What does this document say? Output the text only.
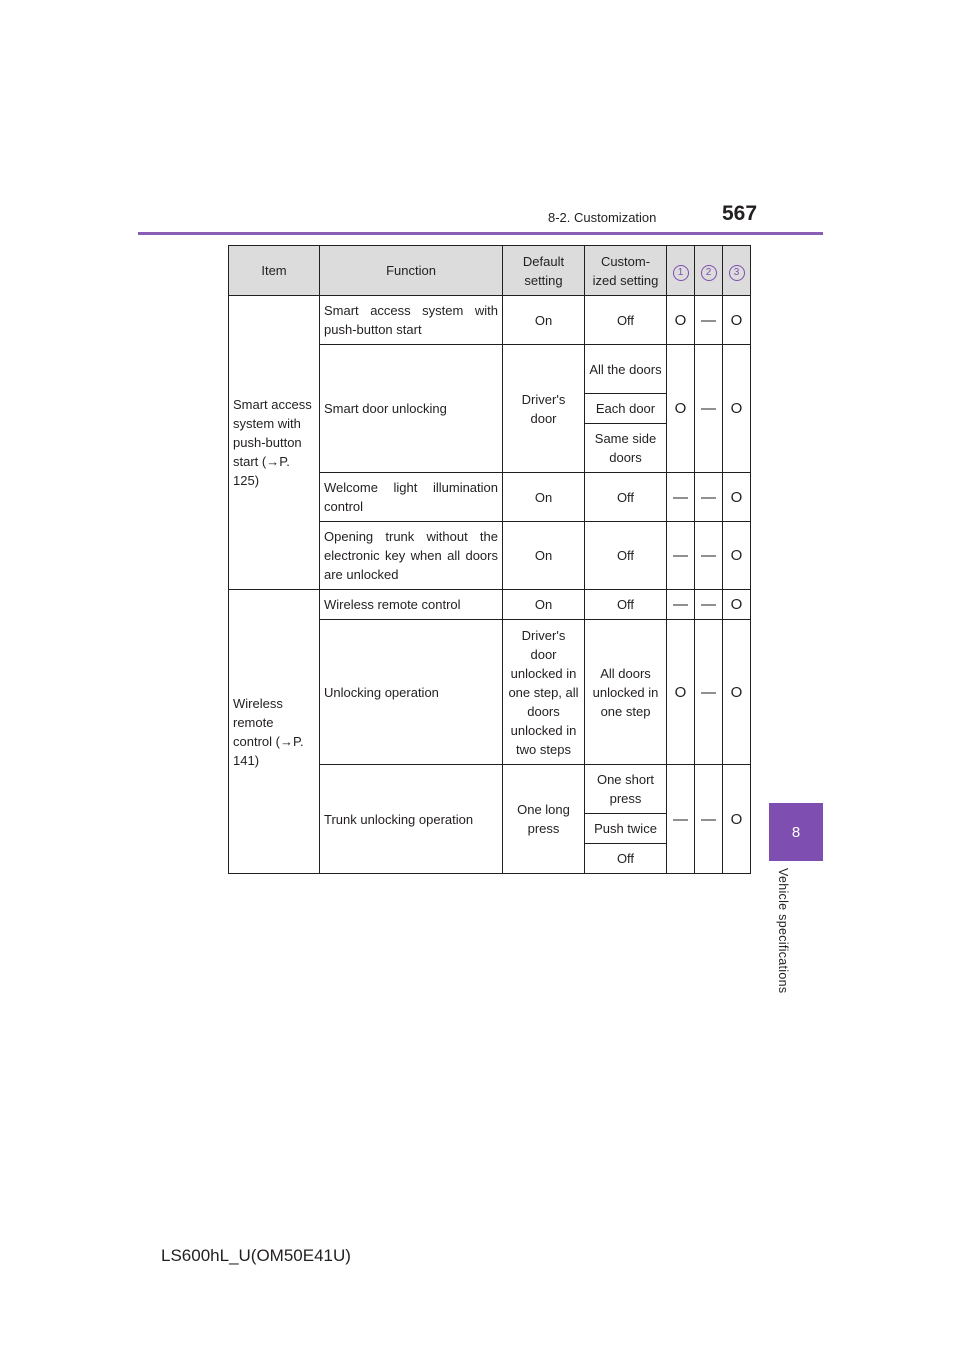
8-2. Customization	567
8
Vehicle specifications
Item	Function	Default setting	Custom- ized setting	1	2	3
Smart access system with push-button start (→P. 125)	Smart access system with push-button start	On	Off	O	—	O
	Smart door unlocking	Driver's door	All the doors	O	—	O
			Each door			
			Same side doors			
	Welcome light illumination control	On	Off	—	—	O
	Opening trunk without the electronic key when all doors are unlocked	On	Off	—	—	O

Wireless remote control (→P. 141)	Wireless remote control	On	Off	—	—	O
	Unlocking operation	Driver's door unlocked in one step, all doors unlocked in two steps	All doors unlocked in one step	O	—	O
	Trunk unlocking operation	One long press	One short press	—	—	O
			Push twice			
			Off			
LS600hL_U(OM50E41U)
